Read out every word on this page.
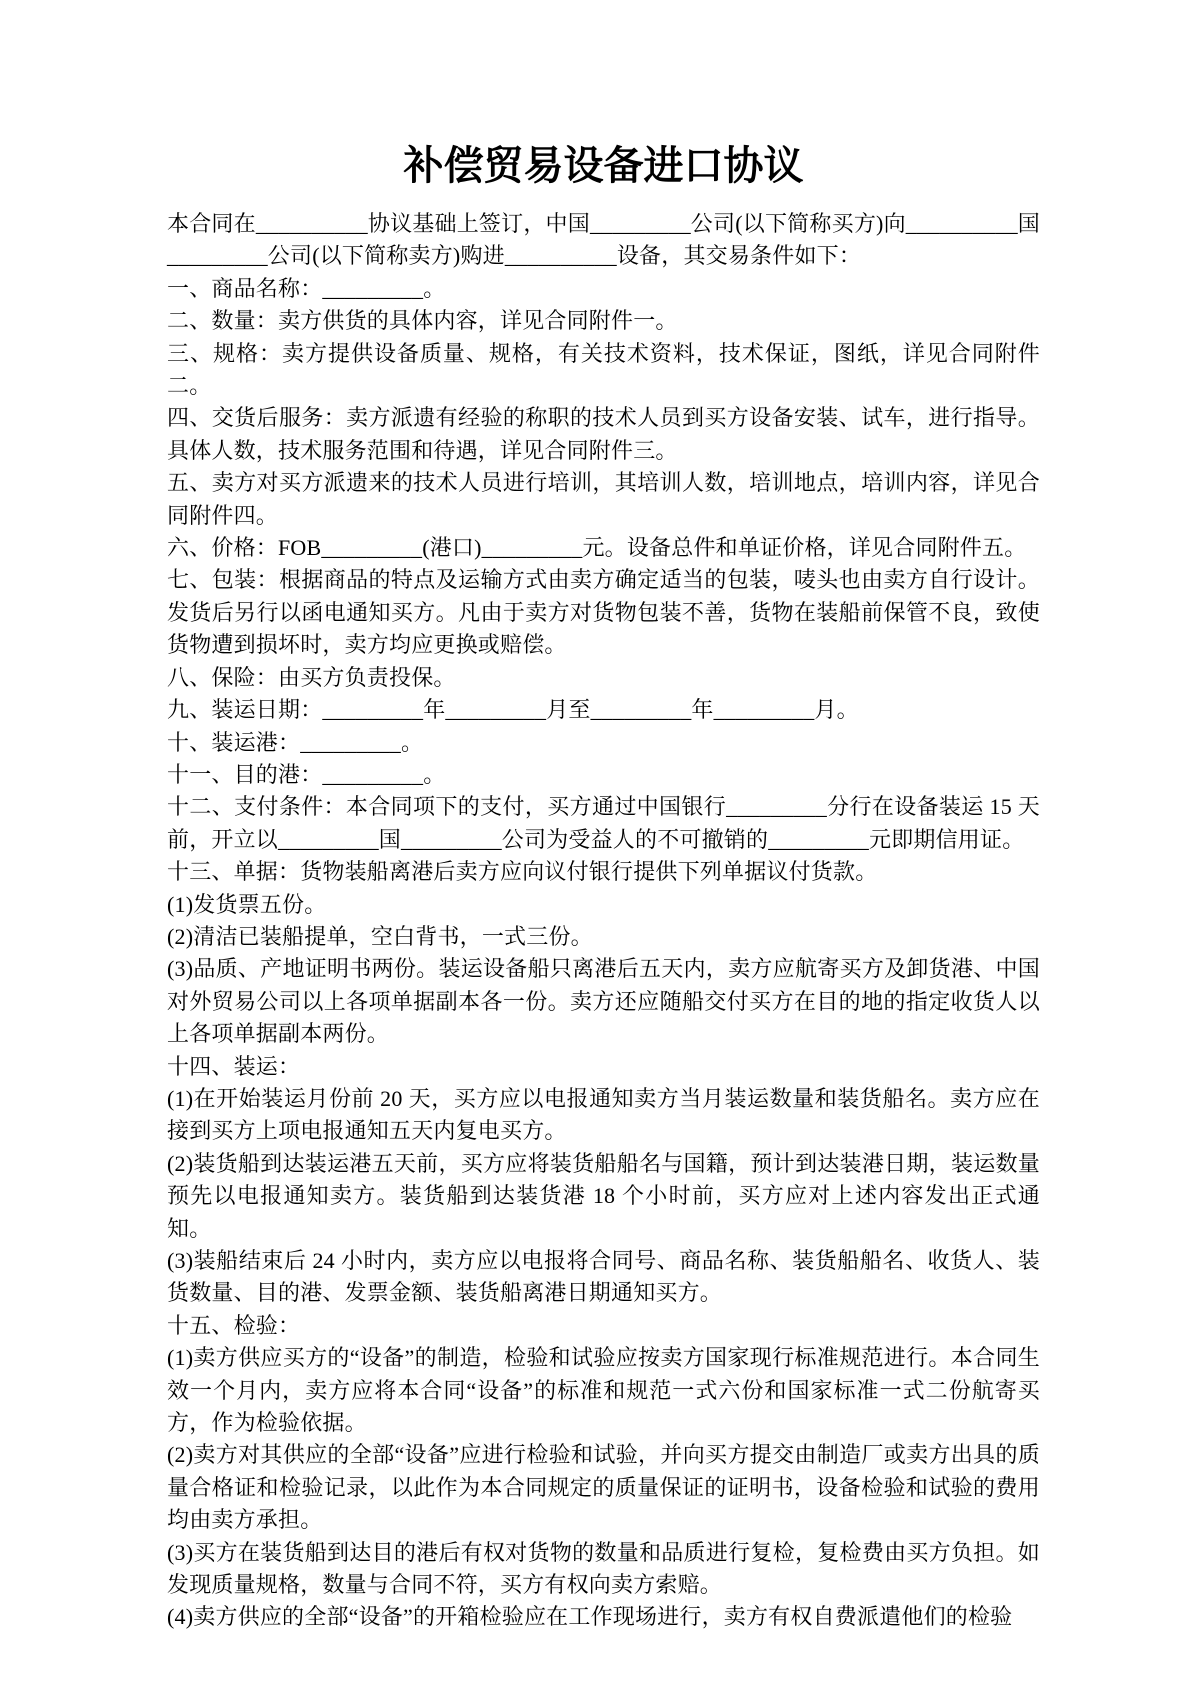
补偿贸易设备进口协议

本合同在__________协议基础上签订，中国_________公司(以下简称买方)向__________国_________公司(以下简称卖方)购进__________设备，其交易条件如下：

一、商品名称：_________。

二、数量：卖方供货的具体内容，详见合同附件一。

三、规格：卖方提供设备质量、规格，有关技术资料，技术保证，图纸，详见合同附件二。

四、交货后服务：卖方派遗有经验的称职的技术人员到买方设备安装、试车，进行指导。具体人数，技术服务范围和待遇，详见合同附件三。

五、卖方对买方派遗来的技术人员进行培训，其培训人数，培训地点，培训内容，详见合同附件四。

六、价格：FOB_________(港口)_________元。设备总件和单证价格，详见合同附件五。

七、包装：根据商品的特点及运输方式由卖方确定适当的包装，唛头也由卖方自行设计。发货后另行以函电通知买方。凡由于卖方对货物包装不善，货物在装船前保管不良，致使货物遭到损坏时，卖方均应更换或赔偿。

八、保险：由买方负责投保。

九、装运日期：_________年_________月至_________年_________月。

十、装运港：_________。

十一、目的港：_________。

十二、支付条件：本合同项下的支付，买方通过中国银行_________分行在设备装运 15 天前，开立以_________国_________公司为受益人的不可撤销的_________元即期信用证。

十三、单据：货物装船离港后卖方应向议付银行提供下列单据议付货款。

(1)发货票五份。

(2)清洁已装船提单，空白背书，一式三份。

(3)品质、产地证明书两份。装运设备船只离港后五天内，卖方应航寄买方及卸货港、中国对外贸易公司以上各项单据副本各一份。卖方还应随船交付买方在目的地的指定收货人以上各项单据副本两份。

十四、装运：

(1)在开始装运月份前 20 天，买方应以电报通知卖方当月装运数量和装货船名。卖方应在接到买方上项电报通知五天内复电买方。

(2)装货船到达装运港五天前，买方应将装货船船名与国籍，预计到达装港日期，装运数量预先以电报通知卖方。装货船到达装货港 18 个小时前，买方应对上述内容发出正式通知。

(3)装船结束后 24 小时内，卖方应以电报将合同号、商品名称、装货船船名、收货人、装货数量、目的港、发票金额、装货船离港日期通知买方。

十五、检验：

(1)卖方供应买方的“设备”的制造，检验和试验应按卖方国家现行标准规范进行。本合同生效一个月内，卖方应将本合同“设备”的标准和规范一式六份和国家标准一式二份航寄买方，作为检验依据。

(2)卖方对其供应的全部“设备”应进行检验和试验，并向买方提交由制造厂或卖方出具的质量合格证和检验记录，以此作为本合同规定的质量保证的证明书，设备检验和试验的费用均由卖方承担。

(3)买方在装货船到达目的港后有权对货物的数量和品质进行复检，复检费由买方负担。如发现质量规格，数量与合同不符，买方有权向卖方索赔。

(4)卖方供应的全部“设备”的开箱检验应在工作现场进行，卖方有权自费派遣他们的检验
